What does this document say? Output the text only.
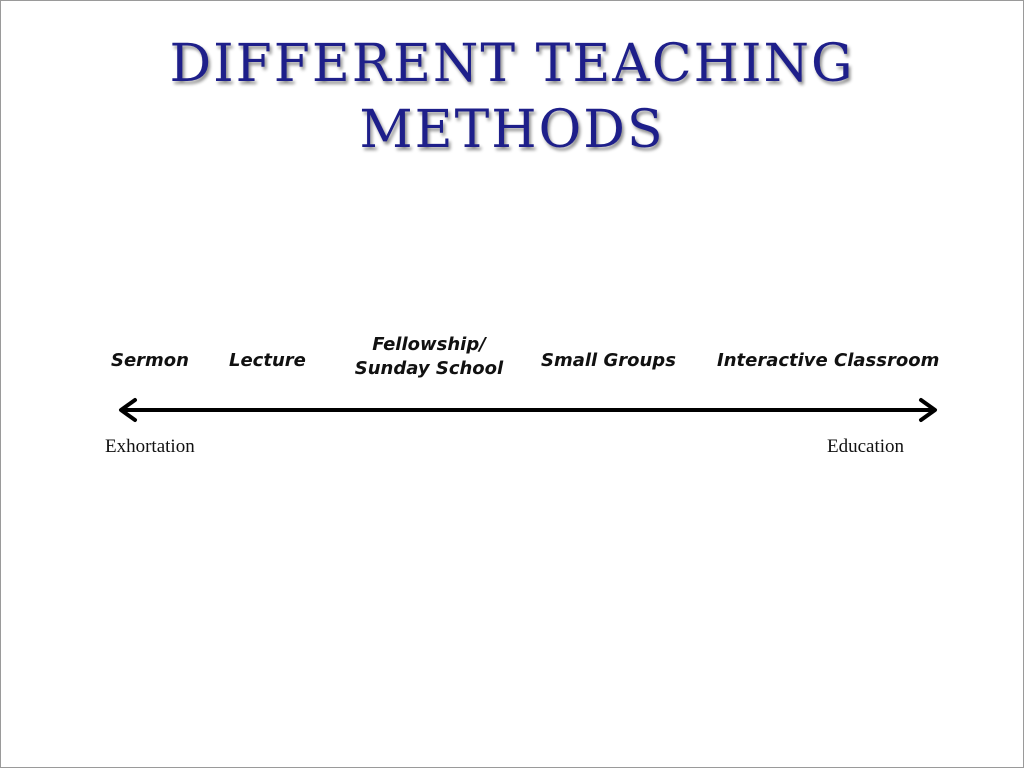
DIFFERENT TEACHING
METHODS
Sermon Lecture
Fellowship/
Sunday School	Small Groups Interactive Classroom
Exhortation	Education
